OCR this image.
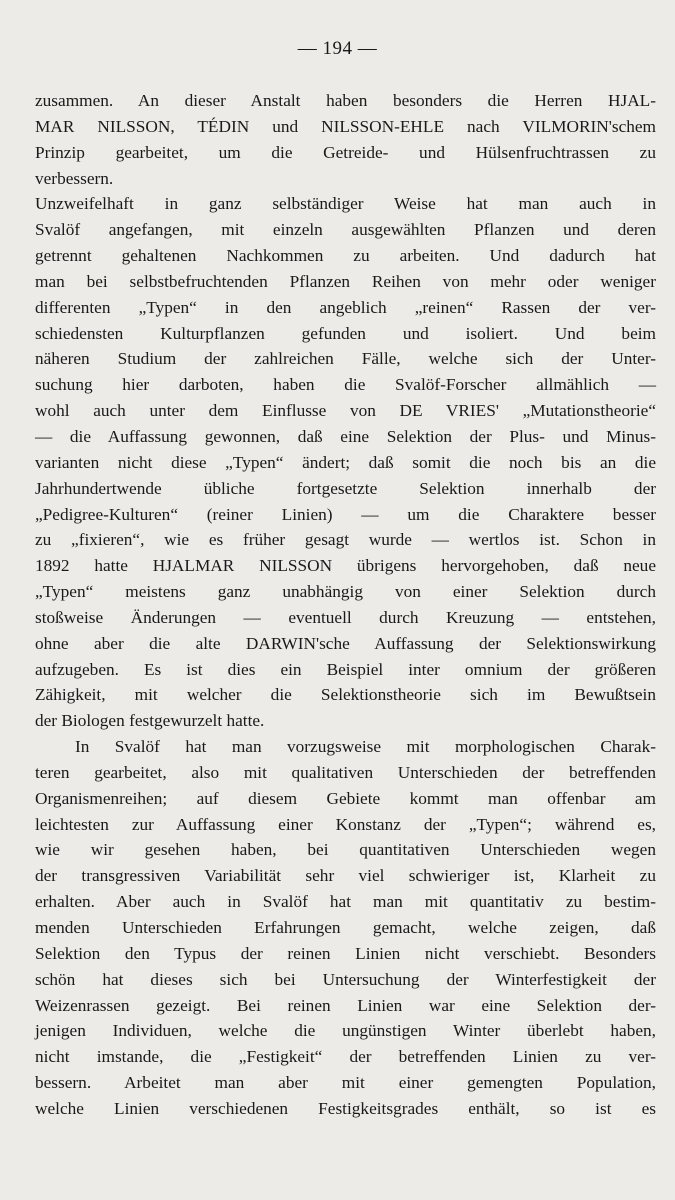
— 194 —
zusammen. An dieser Anstalt haben besonders die Herren HJAL-
MAR NILSSON, TÉDIN und NILSSON-EHLE nach VILMORIN'schem
Prinzip gearbeitet, um die Getreide- und Hülsenfruchtrassen zu
verbessern.
Unzweifelhaft in ganz selbständiger Weise hat man auch in
Svalöf angefangen, mit einzeln ausgewählten Pflanzen und deren
getrennt gehaltenen Nachkommen zu arbeiten. Und dadurch hat
man bei selbstbefruchtenden Pflanzen Reihen von mehr oder weniger
differenten „Typen“ in den angeblich „reinen“ Rassen der ver-
schiedensten Kulturpflanzen gefunden und isoliert. Und beim
näheren Studium der zahlreichen Fälle, welche sich der Unter-
suchung hier darboten, haben die Svalöf-Forscher allmählich —
wohl auch unter dem Einflusse von DE VRIES' „Mutationstheorie“
— die Auffassung gewonnen, daß eine Selektion der Plus- und Minus-
varianten nicht diese „Typen“ ändert; daß somit die noch bis an die
Jahrhundertwende übliche fortgesetzte Selektion innerhalb der
„Pedigree-Kulturen“ (reiner Linien) — um die Charaktere besser
zu „fixieren“, wie es früher gesagt wurde — wertlos ist. Schon in
1892 hatte HJALMAR NILSSON übrigens hervorgehoben, daß neue
„Typen“ meistens ganz unabhängig von einer Selektion durch
stoßweise Änderungen — eventuell durch Kreuzung — entstehen,
ohne aber die alte DARWIN'sche Auffassung der Selektionswirkung
aufzugeben. Es ist dies ein Beispiel inter omnium der größeren
Zähigkeit, mit welcher die Selektionstheorie sich im Bewußtsein
der Biologen festgewurzelt hatte.
In Svalöf hat man vorzugsweise mit morphologischen Charak-
teren gearbeitet, also mit qualitativen Unterschieden der betreffenden
Organismenreihen; auf diesem Gebiete kommt man offenbar am
leichtesten zur Auffassung einer Konstanz der „Typen“; während es,
wie wir gesehen haben, bei quantitativen Unterschieden wegen
der transgressiven Variabilität sehr viel schwieriger ist, Klarheit zu
erhalten. Aber auch in Svalöf hat man mit quantitativ zu bestim-
menden Unterschieden Erfahrungen gemacht, welche zeigen, daß
Selektion den Typus der reinen Linien nicht verschiebt. Besonders
schön hat dieses sich bei Untersuchung der Winterfestigkeit der
Weizenrassen gezeigt. Bei reinen Linien war eine Selektion der-
jenigen Individuen, welche die ungünstigen Winter überlebt haben,
nicht imstande, die „Festigkeit“ der betreffenden Linien zu ver-
bessern. Arbeitet man aber mit einer gemengten Population,
welche Linien verschiedenen Festigkeitsgrades enthält, so ist es
